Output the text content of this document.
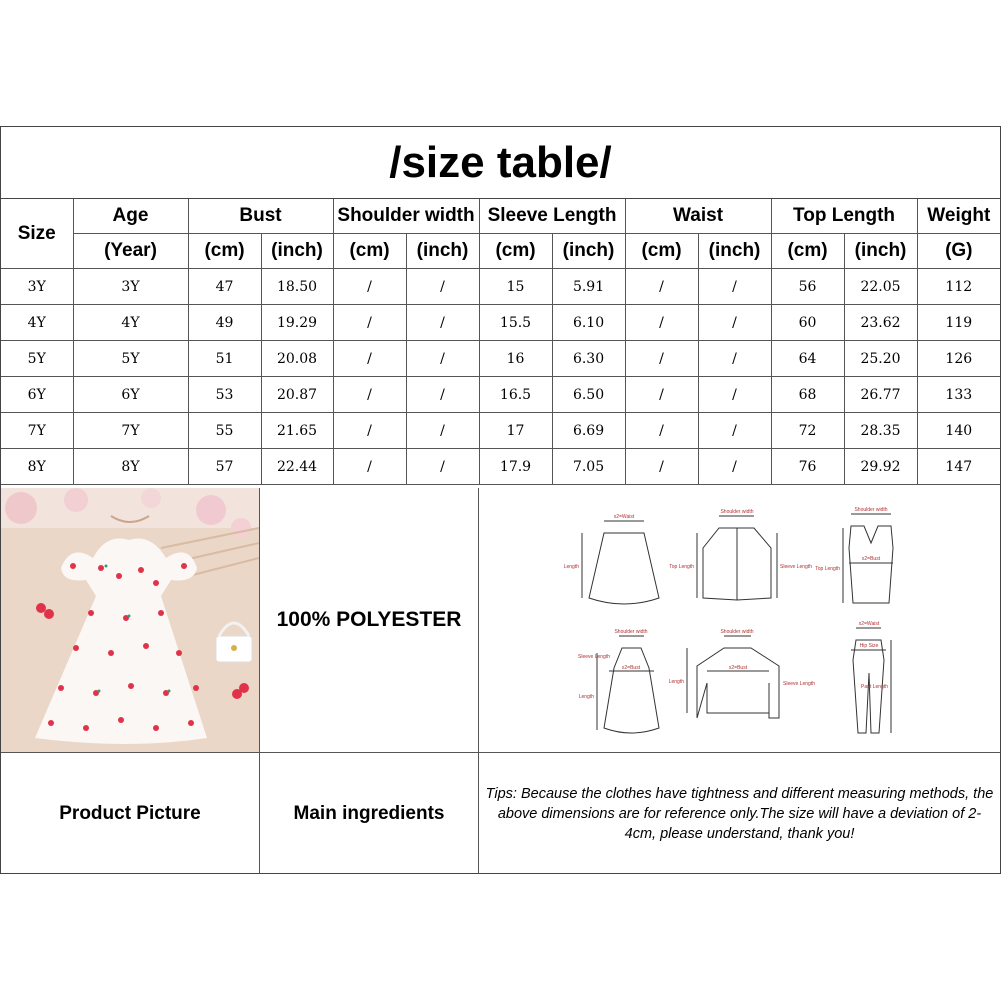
/size table/
Size	Age	Bust		Shoulder width		Sleeve Length		Waist		Top Length		Weight
	(Year)	(cm)	(inch)	(cm)	(inch)	(cm)	(inch)	(cm)	(inch)	(cm)	(inch)	(G)
3Y	3Y	47	18.50	/	/	15	5.91	/	/	56	22.05	112
4Y	4Y	49	19.29	/	/	15.5	6.10	/	/	60	23.62	119
5Y	5Y	51	20.08	/	/	16	6.30	/	/	64	25.20	126
6Y	6Y	53	20.87	/	/	16.5	6.50	/	/	68	26.77	133
7Y	7Y	55	21.65	/	/	17	6.69	/	/	72	28.35	140
8Y	8Y	57	22.44	/	/	17.9	7.05	/	/	76	29.92	147
100% POLYESTER
x2=Waist
Length
Shoulder width
Top Length	Sleeve Length
Shoulder width
x2=Bust
Top Length
Shoulder width
Sleeve Length
x2=Bust
Length
Shoulder width
x2=Bust
Length	Sleeve Length
x2=Waist
Hip Size
Pant Length
Product Picture	Main ingredients
Tips: Because the clothes have tightness and different measuring methods, the above dimensions are for reference only.The size will have a deviation of 2-4cm, please understand, thank you!
